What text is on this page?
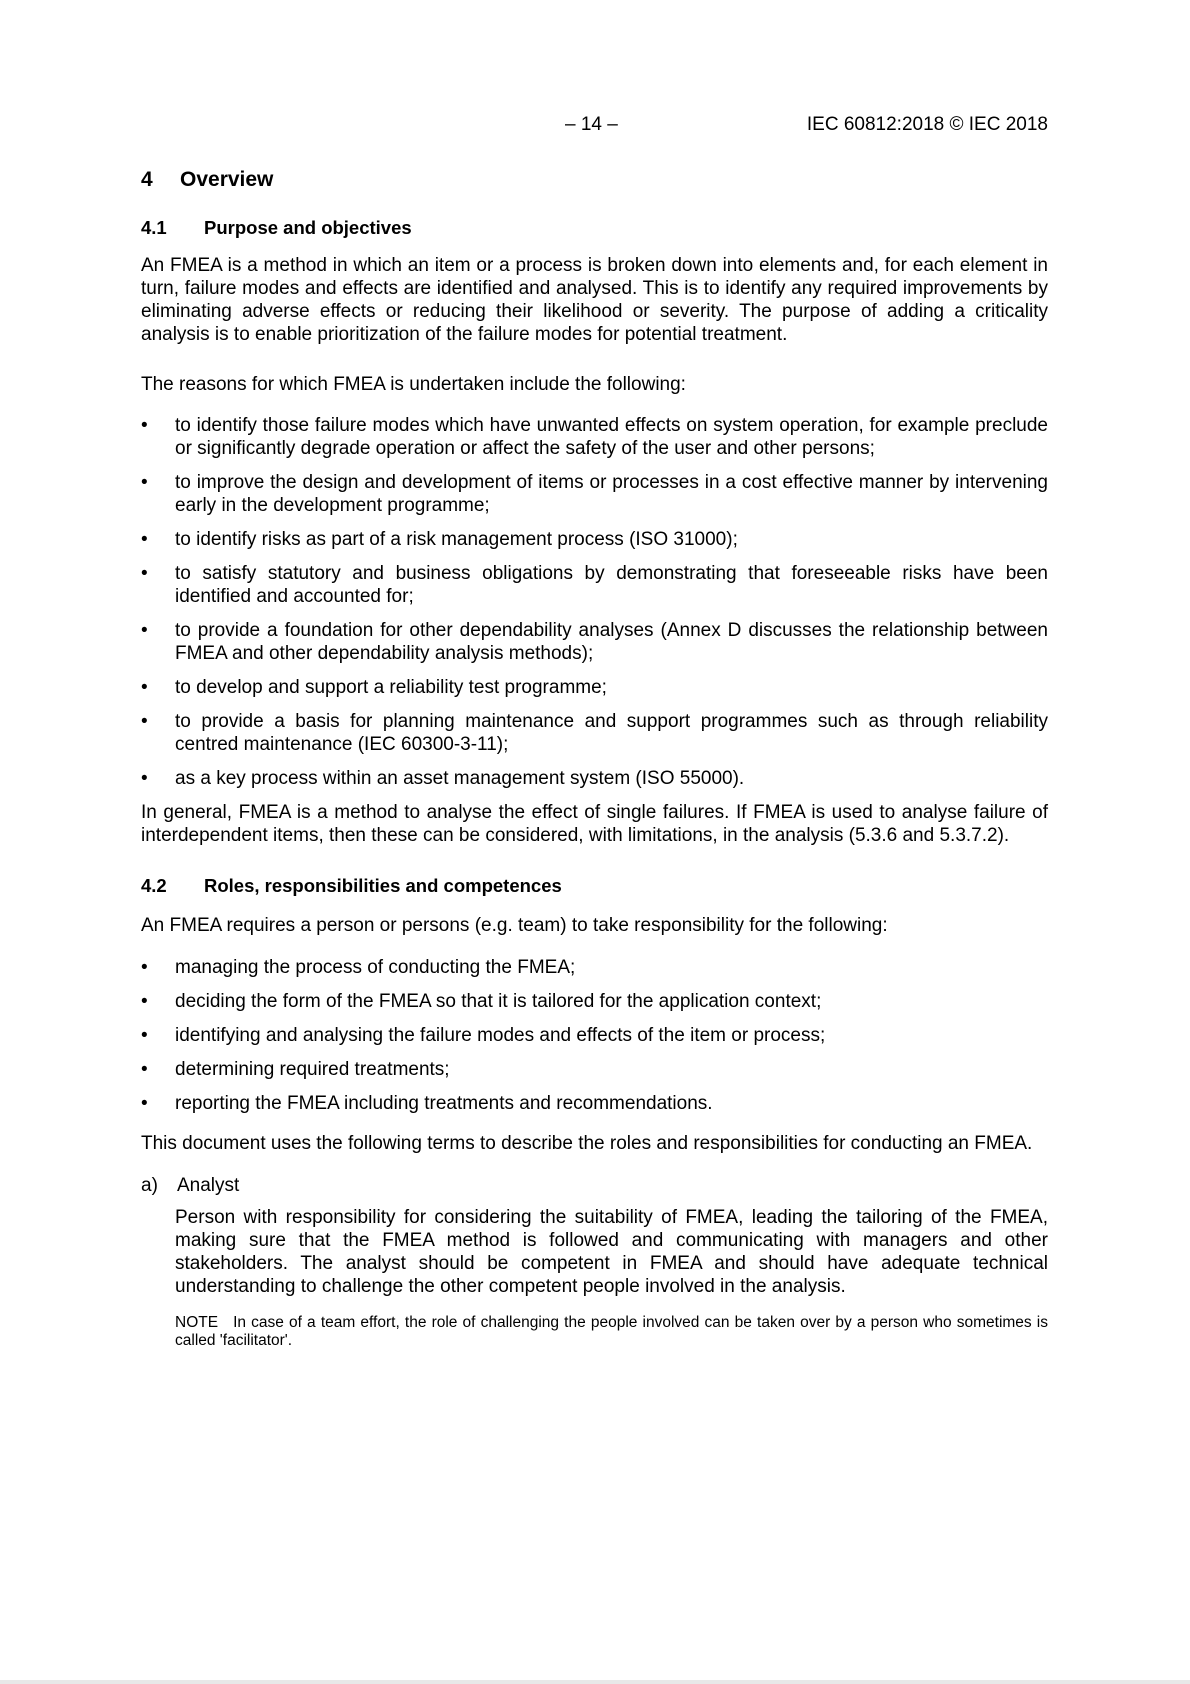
– 14 –	IEC 60812:2018 © IEC 2018
4	Overview
4.1	Purpose and objectives

An FMEA is a method in which an item or a process is broken down into elements and, for each element in turn, failure modes and effects are identified and analysed. This is to identify any required improvements by eliminating adverse effects or reducing their likelihood or severity. The purpose of adding a criticality analysis is to enable prioritization of the failure modes for potential treatment.

The reasons for which FMEA is undertaken include the following:

• to identify those failure modes which have unwanted effects on system operation, for example preclude or significantly degrade operation or affect the safety of the user and other persons;
• to improve the design and development of items or processes in a cost effective manner by intervening early in the development programme;
• to identify risks as part of a risk management process (ISO 31000);
• to satisfy statutory and business obligations by demonstrating that foreseeable risks have been identified and accounted for;
• to provide a foundation for other dependability analyses (Annex D discusses the relationship between FMEA and other dependability analysis methods);
• to develop and support a reliability test programme;
• to provide a basis for planning maintenance and support programmes such as through reliability centred maintenance (IEC 60300-3-11);
• as a key process within an asset management system (ISO 55000).

In general, FMEA is a method to analyse the effect of single failures. If FMEA is used to analyse failure of interdependent items, then these can be considered, with limitations, in the analysis (5.3.6 and 5.3.7.2).

4.2	Roles, responsibilities and competences

An FMEA requires a person or persons (e.g. team) to take responsibility for the following:

• managing the process of conducting the FMEA;
• deciding the form of the FMEA so that it is tailored for the application context;
• identifying and analysing the failure modes and effects of the item or process;
• determining required treatments;
• reporting the FMEA including treatments and recommendations.

This document uses the following terms to describe the roles and responsibilities for conducting an FMEA.

a)	Analyst

Person with responsibility for considering the suitability of FMEA, leading the tailoring of the FMEA, making sure that the FMEA method is followed and communicating with managers and other stakeholders. The analyst should be competent in FMEA and should have adequate technical understanding to challenge the other competent people involved in the analysis.

NOTE In case of a team effort, the role of challenging the people involved can be taken over by a person who sometimes is called 'facilitator'.
